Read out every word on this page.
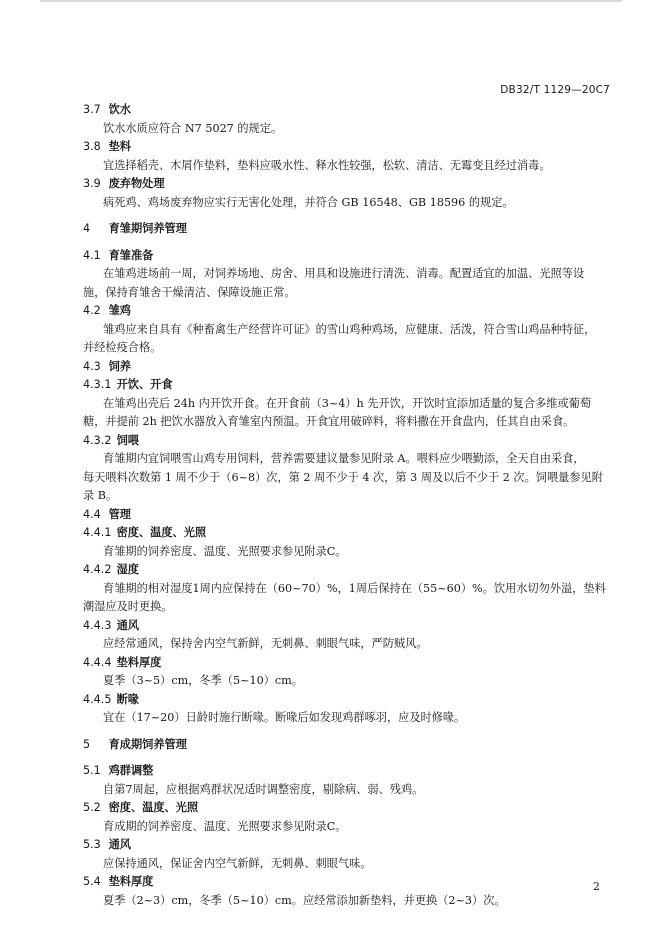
DB32/T 1129—20C7
3.7 饮水
饮水水质应符合 N7 5027 的规定。
3.8 垫料
宜选择稻壳、木屑作垫料，垫料应吸水性、释水性较强，松软、清洁、无霉变且经过消毒。
3.9 废弃物处理
病死鸡、鸡场废弃物应实行无害化处理，并符合 GB 16548、GB 18596 的规定。
4 育雏期饲养管理
4.1 育雏准备
在雏鸡进场前一周，对饲养场地、房舍、用具和设施进行清洗、消毒。配置适宜的加温、光照等设
施，保持育雏舍干燥清洁、保障设施正常。
4.2 雏鸡
雏鸡应来自具有《种畜禽生产经营许可证》的雪山鸡种鸡场，应健康、活泼，符合雪山鸡品种特征，
并经检疫合格。
4.3 饲养
4.3.1 开饮、开食
在雏鸡出壳后 24h 内开饮开食。在开食前（3~4）h 先开饮，开饮时宜添加适量的复合多维或葡萄
糖，并提前 2h 把饮水器放入育雏室内预温。开食宜用破碎料，将料撒在开食盘内，任其自由采食。
4.3.2 饲喂
育雏期内宜饲喂雪山鸡专用饲料，营养需要建议量参见附录 A。喂料应少喂勤添，全天自由采食，
每天喂料次数第 1 周不少于（6~8）次，第 2 周不少于 4 次，第 3 周及以后不少于 2 次。饲喂量参见附
录 B。
4.4 管理
4.4.1 密度、温度、光照
育雏期的饲养密度、温度、光照要求参见附录C。
4.4.2 湿度
育雏期的相对湿度1周内应保持在（60~70）%，1周后保持在（55~60）%。饮用水切勿外溢，垫料
潮湿应及时更换。
4.4.3 通风
应经常通风，保持舍内空气新鲜，无刺鼻、刺眼气味，严防贼风。
4.4.4 垫料厚度
夏季（3~5）cm，冬季（5~10）cm。
4.4.5 断喙
宜在（17~20）日龄时施行断喙。断喙后如发现鸡群啄羽，应及时修喙。
5 育成期饲养管理
5.1 鸡群调整
自第7周起，应根据鸡群状况适时调整密度，剔除病、弱、残鸡。
5.2 密度、温度、光照
育成期的饲养密度、温度、光照要求参见附录C。
5.3 通风
应保持通风，保证舍内空气新鲜，无刺鼻、刺眼气味。
5.4 垫料厚度
夏季（2~3）cm，冬季（5~10）cm。应经常添加新垫料，并更换（2~3）次。
2
